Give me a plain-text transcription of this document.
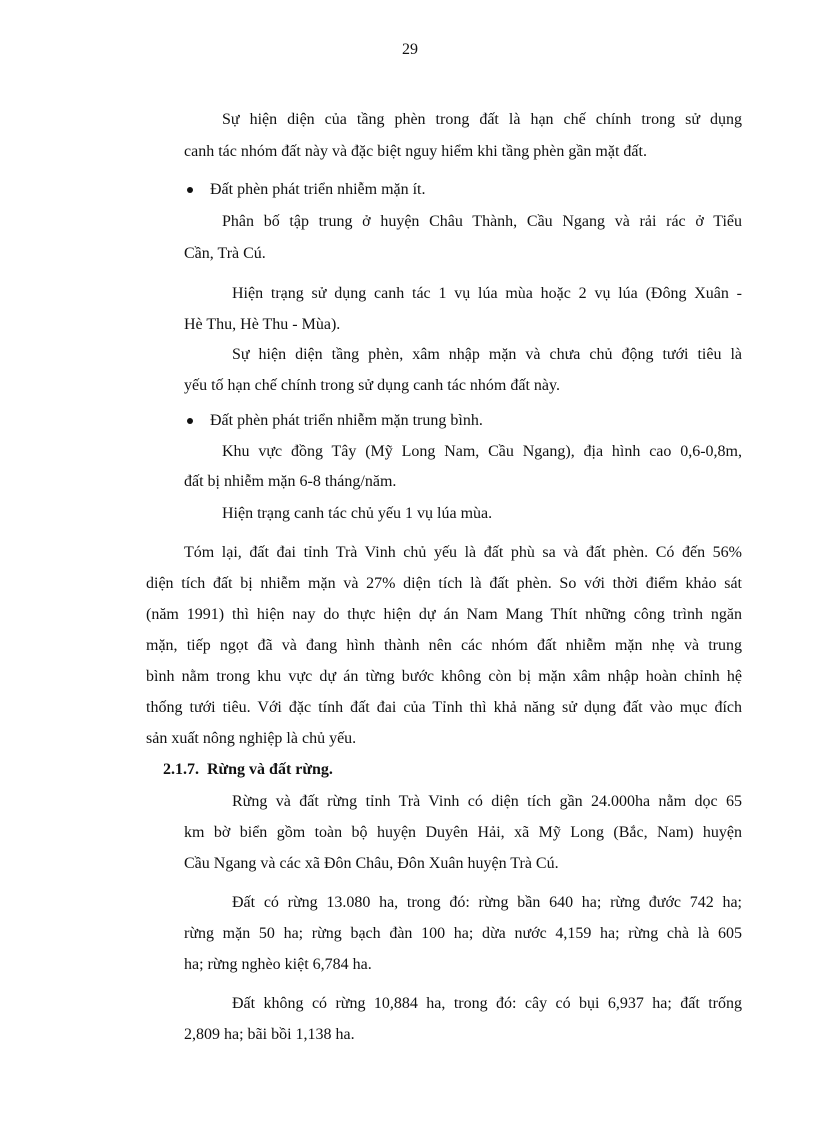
29
Sự hiện diện của tầng phèn trong đất là hạn chế chính trong sử dụng
canh tác nhóm đất này và đặc biệt nguy hiểm khi tầng phèn gần mặt đất.
Đất phèn phát triển nhiễm mặn ít.
Phân bố tập trung ở huyện Châu Thành, Cầu Ngang và rải rác ở Tiểu
Cần, Trà Cú.
Hiện trạng sử dụng canh tác 1 vụ lúa mùa hoặc 2 vụ lúa (Đông Xuân -
Hè Thu, Hè Thu - Mùa).
Sự hiện diện tầng phèn, xâm nhập mặn và chưa chủ động tưới tiêu là
yếu tố hạn chế chính trong sử dụng canh tác nhóm đất này.
Đất phèn phát triển nhiễm mặn trung bình.
Khu vực đồng Tây (Mỹ Long Nam, Cầu Ngang), địa hình cao 0,6-0,8m,
đất bị nhiễm mặn 6-8 tháng/năm.
Hiện trạng canh tác chủ yếu 1 vụ lúa mùa.
Tóm lại, đất đai tỉnh Trà Vinh chủ yếu là đất phù sa và đất phèn. Có đến 56%
diện tích đất bị nhiễm mặn và 27% diện tích là đất phèn. So với thời điểm khảo sát
(năm 1991) thì hiện nay do thực hiện dự án Nam Mang Thít những công trình ngăn
mặn, tiếp ngọt đã và đang hình thành nên các nhóm đất nhiễm mặn nhẹ và trung
bình nằm trong khu vực dự án từng bước không còn bị mặn xâm nhập hoàn chỉnh hệ
thống tưới tiêu. Với đặc tính đất đai của Tỉnh thì khả năng sử dụng đất vào mục đích
sản xuất nông nghiệp là chủ yếu.
2.1.7. Rừng và đất rừng.
Rừng và đất rừng tỉnh Trà Vinh có diện tích gần 24.000ha nằm dọc 65
km bờ biển gồm toàn bộ huyện Duyên Hải, xã Mỹ Long (Bắc, Nam) huyện
Cầu Ngang và các xã Đôn Châu, Đôn Xuân huyện Trà Cú.
Đất có rừng 13.080 ha, trong đó: rừng bần 640 ha; rừng đước 742 ha;
rừng mặn 50 ha; rừng bạch đàn 100 ha; dừa nước 4,159 ha; rừng chà là 605
ha; rừng nghèo kiệt 6,784 ha.
Đất không có rừng 10,884 ha, trong đó: cây có bụi 6,937 ha; đất trống
2,809 ha; bãi bồi 1,138 ha.
